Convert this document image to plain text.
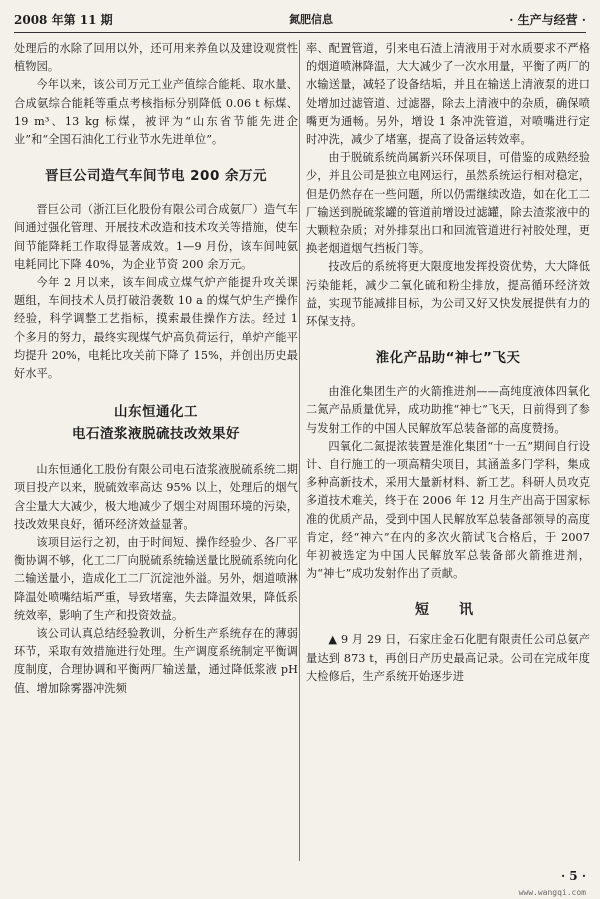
2008 年第 11 期	氮肥信息	· 生产与经营 ·

处理后的水除了回用以外，还可用来养鱼以及建设观赏性植物园。

今年以来，该公司万元工业产值综合能耗、取水量、合成氨综合能耗等重点考核指标分别降低 0.06 t 标煤、19 m³、13 kg 标煤，被评为“山东省节能先进企业”和“全国石油化工行业节水先进单位”。

晋巨公司造气车间节电 200 余万元

晋巨公司（浙江巨化股份有限公司合成氨厂）造气车间通过强化管理、开展技术改造和技术攻关等措施，使车间节能降耗工作取得显著成效。1—9 月份，该车间吨氨电耗同比下降 40%，为企业节资 200 余万元。

今年 2 月以来，该车间成立煤气炉产能提升攻关课题组，车间技术人员打破沿袭数 10 a 的煤气炉生产操作经验，科学调整工艺指标，摸索最佳操作方法。经过 1 个多月的努力，最终实现煤气炉高负荷运行，单炉产能平均提升 20%，电耗比攻关前下降了 15%，并创出历史最好水平。

山东恒通化工
电石渣浆液脱硫技改效果好

山东恒通化工股份有限公司电石渣浆液脱硫系统二期项目投产以来，脱硫效率高达 95% 以上，处理后的烟气含尘量大大减少，极大地减少了烟尘对周围环境的污染，技改效果良好，循环经济效益显著。

该项目运行之初，由于时间短、操作经验少、各厂平衡协调不够，化工二厂向脱硫系统输送量比脱硫系统向化二输送量小，造成化工二厂沉淀池外溢。另外，烟道喷淋降温处喷嘴结垢严重，导致堵塞，失去降温效果，降低系统效率，影响了生产和投资效益。

该公司认真总结经验教训，分析生产系统存在的薄弱环节，采取有效措施进行处理。生产调度系统制定平衡调度制度，合理协调和平衡两厂输送量，通过降低浆液 pH 值、增加除雾器冲洗频

率、配置管道，引来电石渣上清液用于对水质要求不严格的烟道喷淋降温，大大减少了一次水用量，平衡了两厂的水输送量，减轻了设备结垢，并且在输送上清液泵的进口处增加过滤管道、过滤器，除去上清液中的杂质，确保喷嘴更为通畅。另外，增设 1 条冲洗管道，对喷嘴进行定时冲洗，减少了堵塞，提高了设备运转效率。

由于脱硫系统尚属新兴环保项目，可借鉴的成熟经验少，并且公司是独立电网运行，虽然系统运行相对稳定，但是仍然存在一些问题，所以仍需继续改造，如在化工二厂输送到脱硫浆罐的管道前增设过滤罐，除去渣浆液中的大颗粒杂质；对外排泵出口和回流管道进行衬胶处理，更换老烟道烟气挡板门等。

技改后的系统将更大限度地发挥投资优势，大大降低污染能耗，减少二氧化硫和粉尘排放，提高循环经济效益，实现节能减排目标，为公司又好又快发展提供有力的环保支持。

淮化产品助“神七”飞天

由淮化集团生产的火箭推进剂——高纯度液体四氧化二氮产品质量优异，成功助推“神七”飞天，日前得到了参与发射工作的中国人民解放军总装备部的高度赞扬。

四氧化二氮提浓装置是淮化集团“十一五”期间自行设计、自行施工的一项高精尖项目，其涵盖多门学科，集成多种高新技术，采用大量新材料、新工艺。科研人员攻克多道技术难关，终于在 2006 年 12 月生产出高于国家标准的优质产品，受到中国人民解放军总装备部领导的高度肯定，经“神六”在内的多次火箭试飞合格后，于 2007 年初被选定为中国人民解放军总装备部火箭推进剂，为“神七”成功发射作出了贡献。

短　讯

▲ 9 月 29 日，石家庄金石化肥有限责任公司总氨产量达到 873 t，再创日产历史最高记录。公司在完成年度大检修后，生产系统开始逐步进

· 5 ·
www.wangqi.com
